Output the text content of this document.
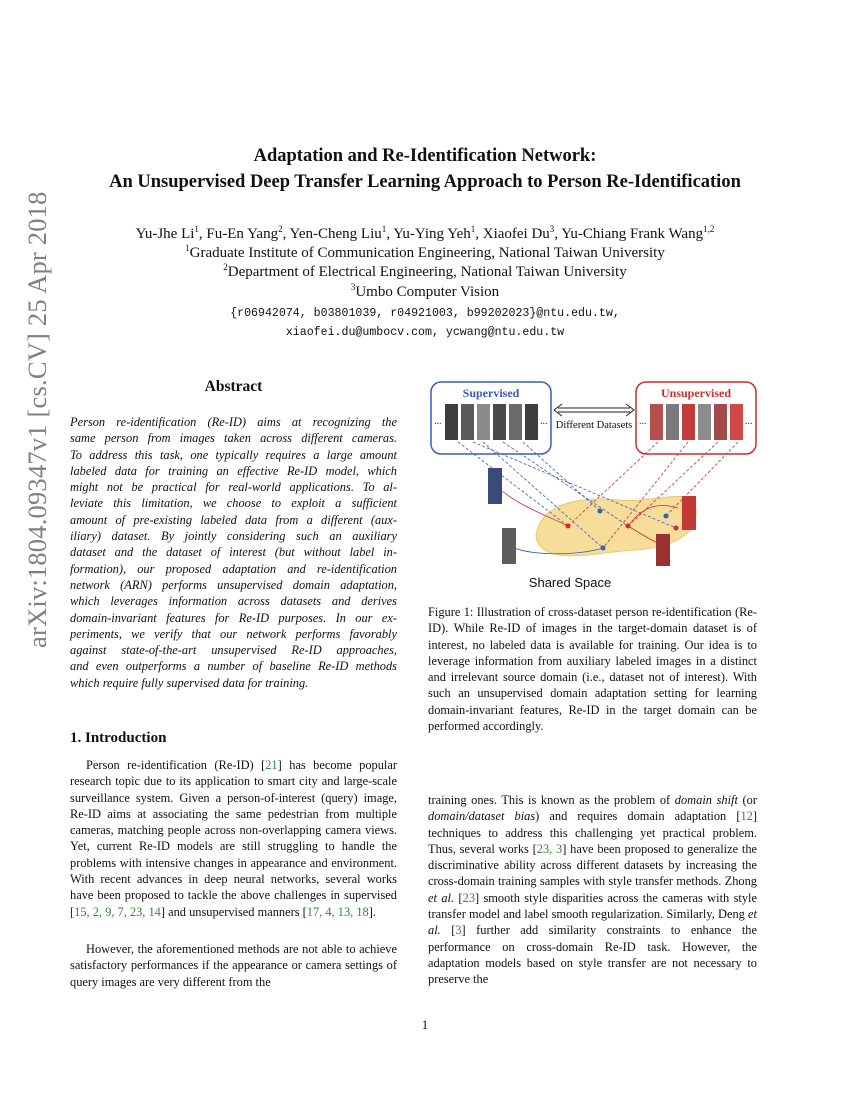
arXiv:1804.09347v1 [cs.CV] 25 Apr 2018
Adaptation and Re-Identification Network:
An Unsupervised Deep Transfer Learning Approach to Person Re-Identification
Yu-Jhe Li$^1$, Fu-En Yang$^2$, Yen-Cheng Liu$^1$, Yu-Ying Yeh$^1$, Xiaofei Du$^3$, Yu-Chiang Frank Wang$^{1,2}$
$^1$Graduate Institute of Communication Engineering, National Taiwan University
$^2$Department of Electrical Engineering, National Taiwan University
$^3$Umbo Computer Vision
{r06942074, b03801039, r04921003, b99202023}@ntu.edu.tw,
xiaofei.du@umbocv.com, ycwang@ntu.edu.tw
Abstract
Person re-identification (Re-ID) aims at recognizing the
same person from images taken across different cameras.
To address this task, one typically requires a large amount
labeled data for training an effective Re-ID model, which
might not be practical for real-world applications. To al-
leviate this limitation, we choose to exploit a sufficient
amount of pre-existing labeled data from a different (aux-
iliary) dataset. By jointly considering such an auxiliary
dataset and the dataset of interest (but without label in-
formation), our proposed adaptation and re-identification
network (ARN) performs unsupervised domain adaptation,
which leverages information across datasets and derives
domain-invariant features for Re-ID purposes. In our ex-
periments, we verify that our network performs favorably
against state-of-the-art unsupervised Re-ID approaches,
and even outperforms a number of baseline Re-ID methods
which require fully supervised data for training.
1. Introduction
Person re-identification (Re-ID) [21] has become popular research topic due to its application to smart city and large-scale surveillance system. Given a person-of-interest (query) image, Re-ID aims at associating the same pedestrian from multiple cameras, matching people across non-overlapping camera views. Yet, current Re-ID models are still struggling to handle the problems with intensive changes in appearance and environment. With recent advances in deep neural networks, several works have been proposed to tackle the above challenges in supervised [15, 2, 9, 7, 23, 14] and unsupervised manners [17, 4, 13, 18].
However, the aforementioned methods are not able to achieve satisfactory performances if the appearance or camera settings of query images are very different from the
Supervised	Unsupervised
...	...	...	...
Different Datasets
Shared Space
Figure 1: Illustration of cross-dataset person re-identification (Re-ID). While Re-ID of images in the target-domain dataset is of interest, no labeled data is available for training. Our idea is to leverage information from auxiliary labeled images in a distinct and irrelevant source domain (i.e., dataset not of interest). With such an unsupervised domain adaptation setting for learning domain-invariant features, Re-ID in the target domain can be performed accordingly.
training ones. This is known as the problem of domain shift (or domain/dataset bias) and requires domain adaptation [12] techniques to address this challenging yet practical problem. Thus, several works [23, 3] have been proposed to generalize the discriminative ability across different datasets by increasing the cross-domain training samples with style transfer methods. Zhong et al. [23] smooth style disparities across the cameras with style transfer model and label smooth regularization. Similarly, Deng et al. [3] further add similarity constraints to enhance the performance on cross-domain Re-ID task. However, the adaptation models based on style transfer are not necessary to preserve the
1
